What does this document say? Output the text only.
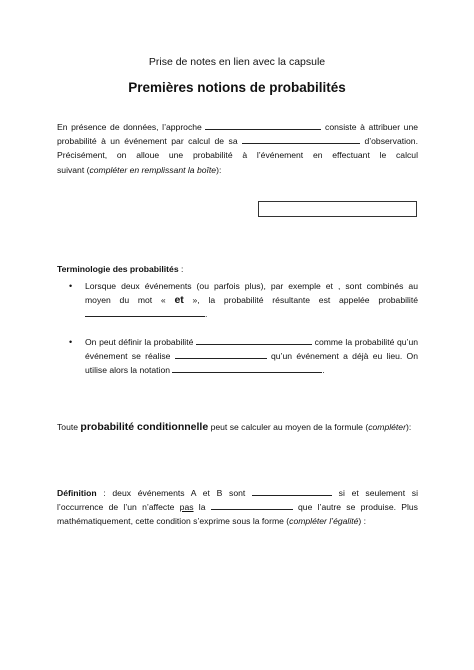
Prise de notes en lien avec la capsule
Premières notions de probabilités
En présence de données, l’approche	consiste à attribuer une
probabilité à un événement par calcul de sa	d’observation.
Précisément, on alloue une probabilité à l’événement en effectuant le calcul
suivant (compléter en remplissant la boîte):
Terminologie des probabilités :
• Lorsque deux événements (ou parfois plus), par exemple et , sont combinés au
moyen du mot « et », la probabilité résultante est appelée probabilité
.
• On peut définir la probabilité	comme la probabilité qu’un
événement se réalise	qu’un événement a déjà eu lieu. On
utilise alors la notation	.
Toute probabilité conditionnelle peut se calculer au moyen de la formule (compléter):
Définition : deux événements A et B sont	si et seulement si
l’occurrence de l’un n’affecte pas la	que l’autre se produise. Plus
mathématiquement, cette condition s’exprime sous la forme (compléter l’égalité) :
